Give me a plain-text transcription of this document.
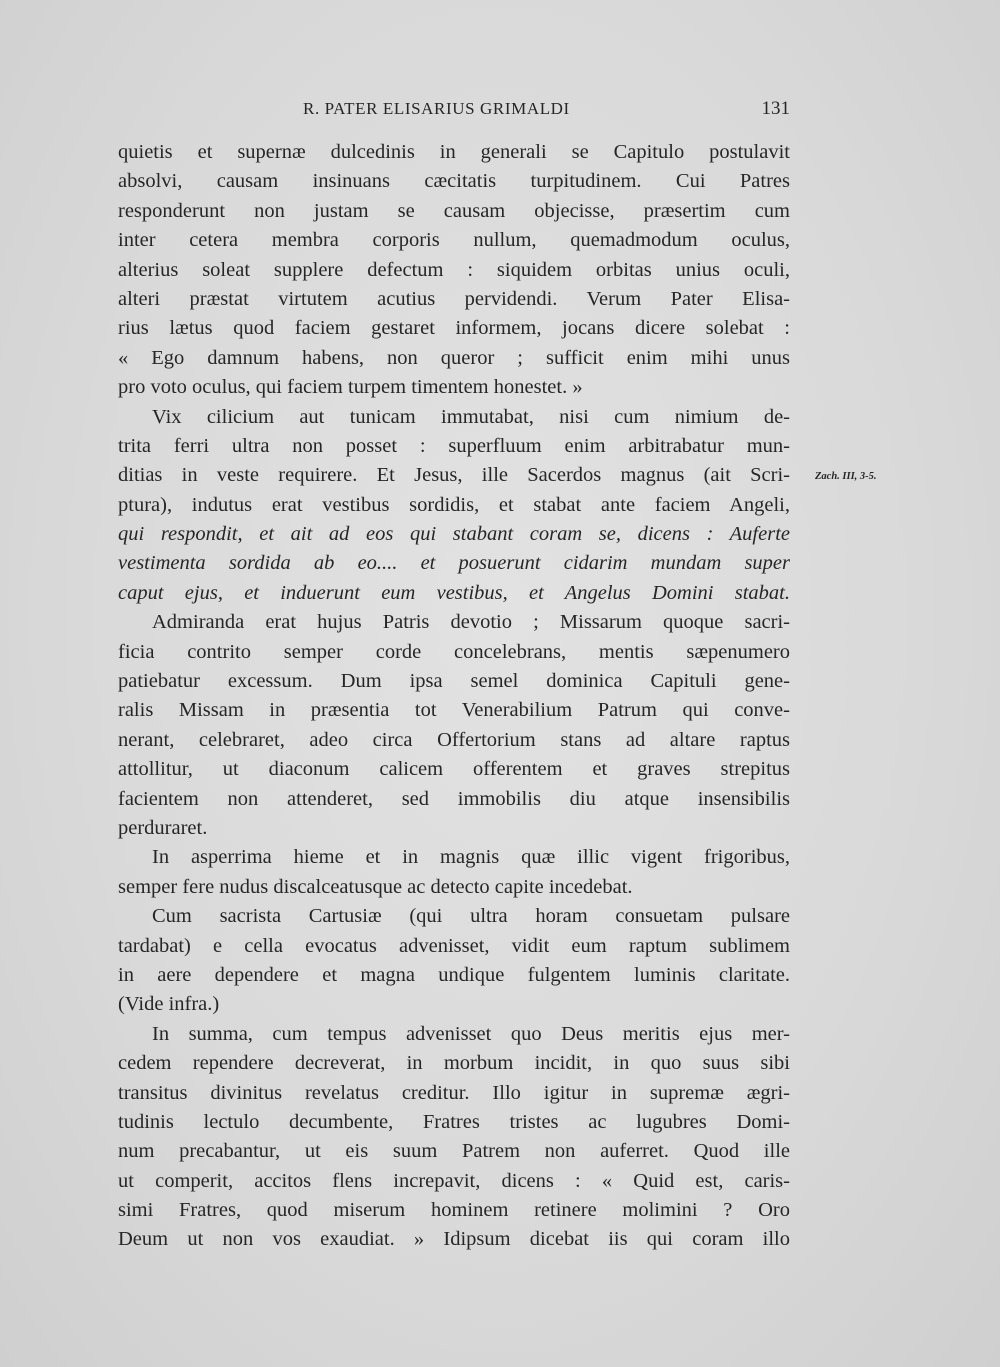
R. PATER ELISARIUS GRIMALDI	131
quietis et supernæ dulcedinis in generali se Capitulo postulavit
absolvi, causam insinuans cæcitatis turpitudinem. Cui Patres
responderunt non justam se causam objecisse, præsertim cum
inter cetera membra corporis nullum, quemadmodum oculus,
alterius soleat supplere defectum : siquidem orbitas unius oculi,
alteri præstat virtutem acutius pervidendi. Verum Pater Elisa-
rius lætus quod faciem gestaret informem, jocans dicere solebat :
« Ego damnum habens, non queror ; sufficit enim mihi unus
pro voto oculus, qui faciem turpem timentem honestet. »
Vix cilicium aut tunicam immutabat, nisi cum nimium de-
trita ferri ultra non posset : superfluum enim arbitrabatur mun-
ditias in veste requirere. Et Jesus, ille Sacerdos magnus (ait Scri-
ptura), indutus erat vestibus sordidis, et stabat ante faciem Angeli,
qui respondit, et ait ad eos qui stabant coram se, dicens : Auferte
vestimenta sordida ab eo.... et posuerunt cidarim mundam super
caput ejus, et induerunt eum vestibus, et Angelus Domini stabat.
Admiranda erat hujus Patris devotio ; Missarum quoque sacri-
ficia contrito semper corde concelebrans, mentis sæpenumero
patiebatur excessum. Dum ipsa semel dominica Capituli gene-
ralis Missam in præsentia tot Venerabilium Patrum qui conve-
nerant, celebraret, adeo circa Offertorium stans ad altare raptus
attollitur, ut diaconum calicem offerentem et graves strepitus
facientem non attenderet, sed immobilis diu atque insensibilis
perduraret.
In asperrima hieme et in magnis quæ illic vigent frigoribus,
semper fere nudus discalceatusque ac detecto capite incedebat.
Cum sacrista Cartusiæ (qui ultra horam consuetam pulsare
tardabat) e cella evocatus advenisset, vidit eum raptum sublimem
in aere dependere et magna undique fulgentem luminis claritate.
(Vide infra.)
In summa, cum tempus advenisset quo Deus meritis ejus mer-
cedem rependere decreverat, in morbum incidit, in quo suus sibi
transitus divinitus revelatus creditur. Illo igitur in supremæ ægri-
tudinis lectulo decumbente, Fratres tristes ac lugubres Domi-
num precabantur, ut eis suum Patrem non auferret. Quod ille
ut comperit, accitos flens increpavit, dicens : « Quid est, caris-
simi Fratres, quod miserum hominem retinere molimini ? Oro
Deum ut non vos exaudiat. » Idipsum dicebat iis qui coram illo
Zach. III, 3-5.
